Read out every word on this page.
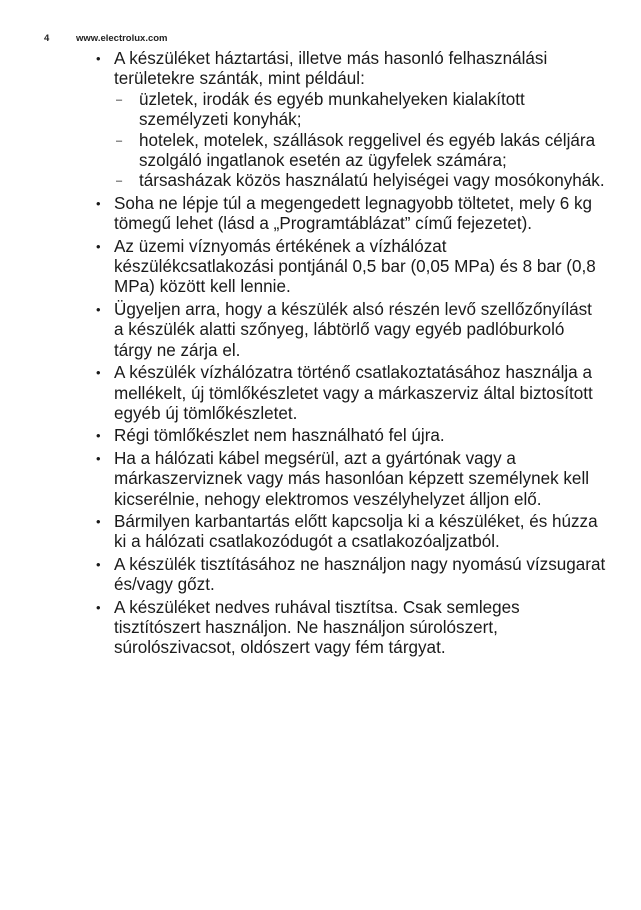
4	www.electrolux.com
• A készüléket háztartási, illetve más hasonló felhasználási területekre szánták, mint például:
– üzletek, irodák és egyéb munkahelyeken kialakított személyzeti konyhák;
– hotelek, motelek, szállások reggelivel és egyéb lakás céljára szolgáló ingatlanok esetén az ügyfelek számára;
– társasházak közös használatú helyiségei vagy mosókonyhák.
• Soha ne lépje túl a megengedett legnagyobb töltetet, mely 6 kg tömegű lehet (lásd a „Programtáblázat” című fejezetet).
• Az üzemi víznyomás értékének a vízhálózat készülékcsatlakozási pontjánál 0,5 bar (0,05 MPa) és 8 bar (0,8 MPa) között kell lennie.
• Ügyeljen arra, hogy a készülék alsó részén levő szellőzőnyílást a készülék alatti szőnyeg, lábtörlő vagy egyéb padlóburkoló tárgy ne zárja el.
• A készülék vízhálózatra történő csatlakoztatásához használja a mellékelt, új tömlőkészletet vagy a márkaszerviz által biztosított egyéb új tömlőkészletet.
• Régi tömlőkészlet nem használható fel újra.
• Ha a hálózati kábel megsérül, azt a gyártónak vagy a márkaszerviznek vagy más hasonlóan képzett személynek kell kicserélnie, nehogy elektromos veszélyhelyzet álljon elő.
• Bármilyen karbantartás előtt kapcsolja ki a készüléket, és húzza ki a hálózati csatlakozódugót a csatlakozóaljzatból.
• A készülék tisztításához ne használjon nagy nyomású vízsugarat és/vagy gőzt.
• A készüléket nedves ruhával tisztítsa. Csak semleges tisztítószert használjon. Ne használjon súrolószert, súrolószivacsot, oldószert vagy fém tárgyat.
